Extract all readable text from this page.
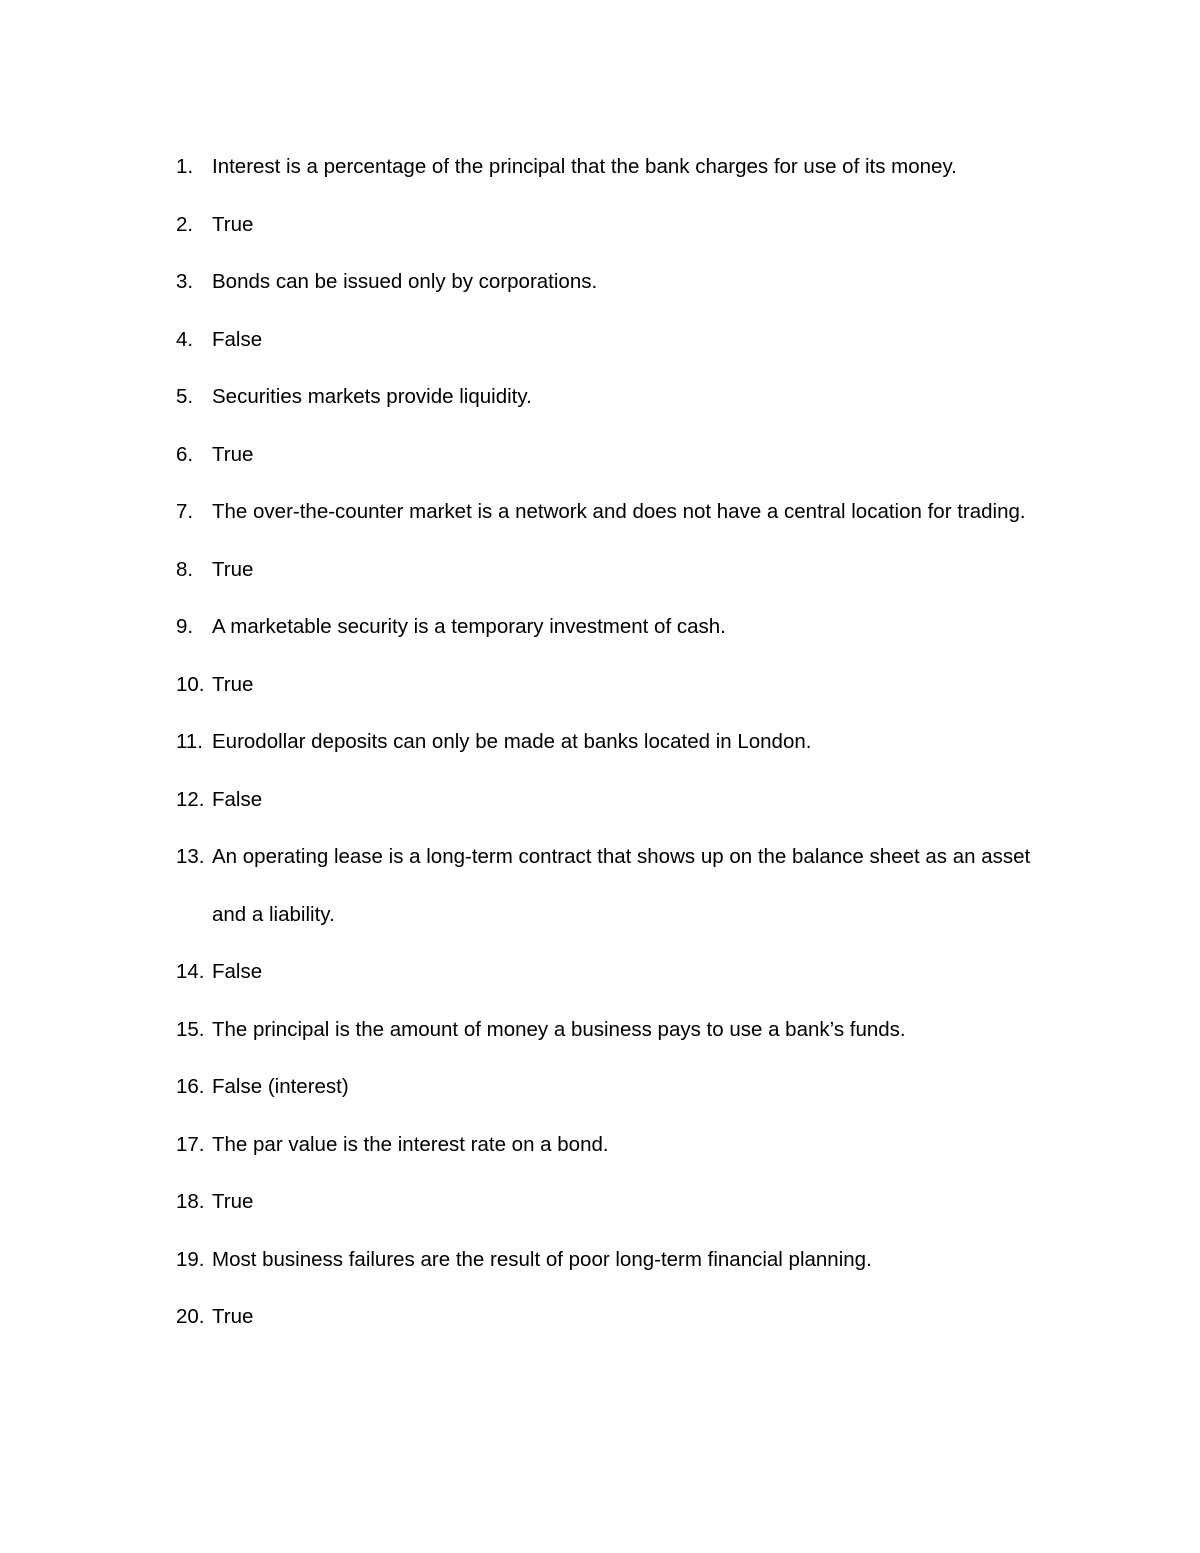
1. Interest is a percentage of the principal that the bank charges for use of its money.
2. True
3. Bonds can be issued only by corporations.
4. False
5. Securities markets provide liquidity.
6. True
7. The over-the-counter market is a network and does not have a central location for trading.
8. True
9. A marketable security is a temporary investment of cash.
10. True
11. Eurodollar deposits can only be made at banks located in London.
12. False
13. An operating lease is a long-term contract that shows up on the balance sheet as an asset and a liability.
14. False
15. The principal is the amount of money a business pays to use a bank’s funds.
16. False (interest)
17. The par value is the interest rate on a bond.
18. True
19. Most business failures are the result of poor long-term financial planning.
20. True
